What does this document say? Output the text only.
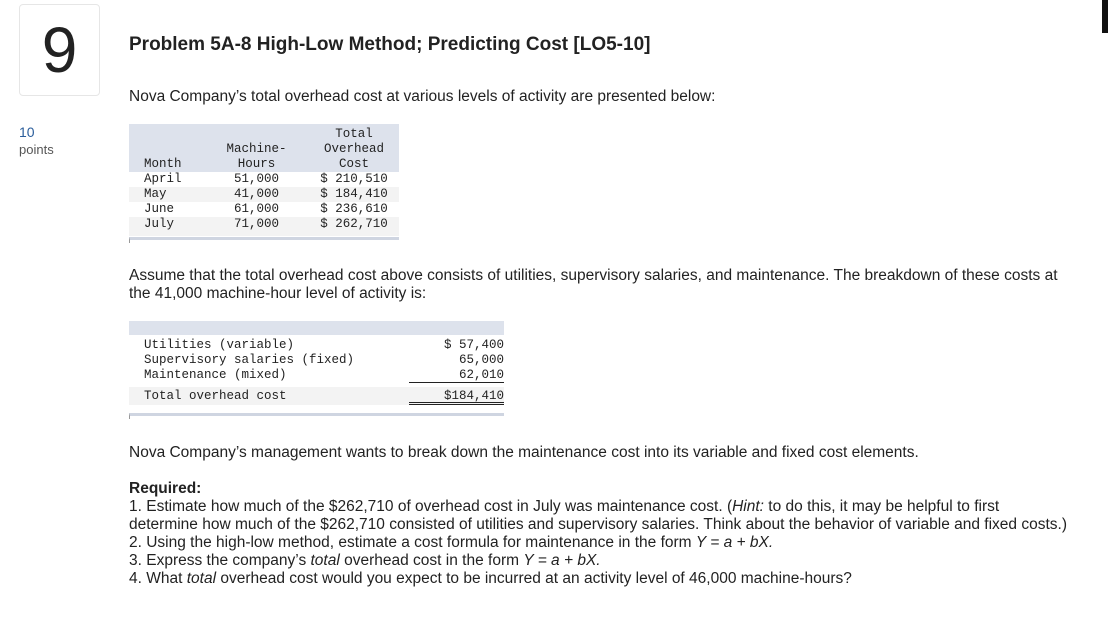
9
10
points
Problem 5A-8 High-Low Method; Predicting Cost [LO5-10]
Nova Company’s total overhead cost at various levels of activity are presented below:
		Total
	Machine-	Overhead
Month	Hours	Cost
April	51,000	$ 210,510
May	41,000	$ 184,410
June	61,000	$ 236,610
July	71,000	$ 262,710
Assume that the total overhead cost above consists of utilities, supervisory salaries, and maintenance. The breakdown of these costs at the 41,000 machine-hour level of activity is:
Utilities (variable)	$ 57,400
Supervisory salaries (fixed)	65,000
Maintenance (mixed)	62,010
Total overhead cost	$184,410
Nova Company’s management wants to break down the maintenance cost into its variable and fixed cost elements.
Required:
1. Estimate how much of the $262,710 of overhead cost in July was maintenance cost. (Hint: to do this, it may be helpful to first determine how much of the $262,710 consisted of utilities and supervisory salaries. Think about the behavior of variable and fixed costs.)
2. Using the high-low method, estimate a cost formula for maintenance in the form Y = a + bX.
3. Express the company’s total overhead cost in the form Y = a + bX.
4. What total overhead cost would you expect to be incurred at an activity level of 46,000 machine-hours?
